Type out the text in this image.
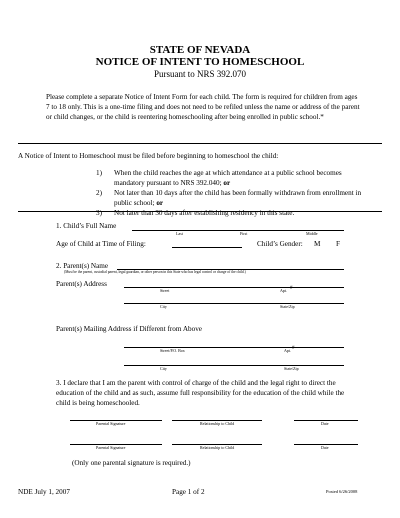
STATE OF NEVADA
NOTICE OF INTENT TO HOMESCHOOL
Pursuant to NRS 392.070
Please complete a separate Notice of Intent Form for each child. The form is required for children from ages 7 to 18 only. This is a one-time filing and does not need to be refiled unless the name or address of the parent or child changes, or the child is reentering homeschooling after being enrolled in public school.*
A Notice of Intent to Homeschool must be filed before beginning to homeschool the child:
1) When the child reaches the age at which attendance at a public school becomes mandatory pursuant to NRS 392.040; or
2) Not later than 10 days after the child has been formally withdrawn from enrollment in public school; or
3) Not later than 30 days after establishing residency in this state.
1. Child’s Full Name
Last	First	Middle
Age of Child at Time of Filing:	Child’s Gender: M F
2. Parent(s) Name
(Must be the parent, custodial parent, legal guardian, or other person in this State who has legal control or charge of the child.)
Parent(s) Address
Street	Apt. #
City	State/Zip
Parent(s) Mailing Address if Different from Above
Street/P.O. Box	Apt. #
City	State/Zip
3. I declare that I am the parent with control of charge of the child and the legal right to direct the education of the child and as such, assume full responsibility for the education of the child while the child is being homeschooled.
Parental Signature	Relationship to Child	Date
Parental Signature	Relationship to Child	Date
(Only one parental signature is required.)
NDE July 1, 2007	Page 1 of 2	Posted 6/26/2008
